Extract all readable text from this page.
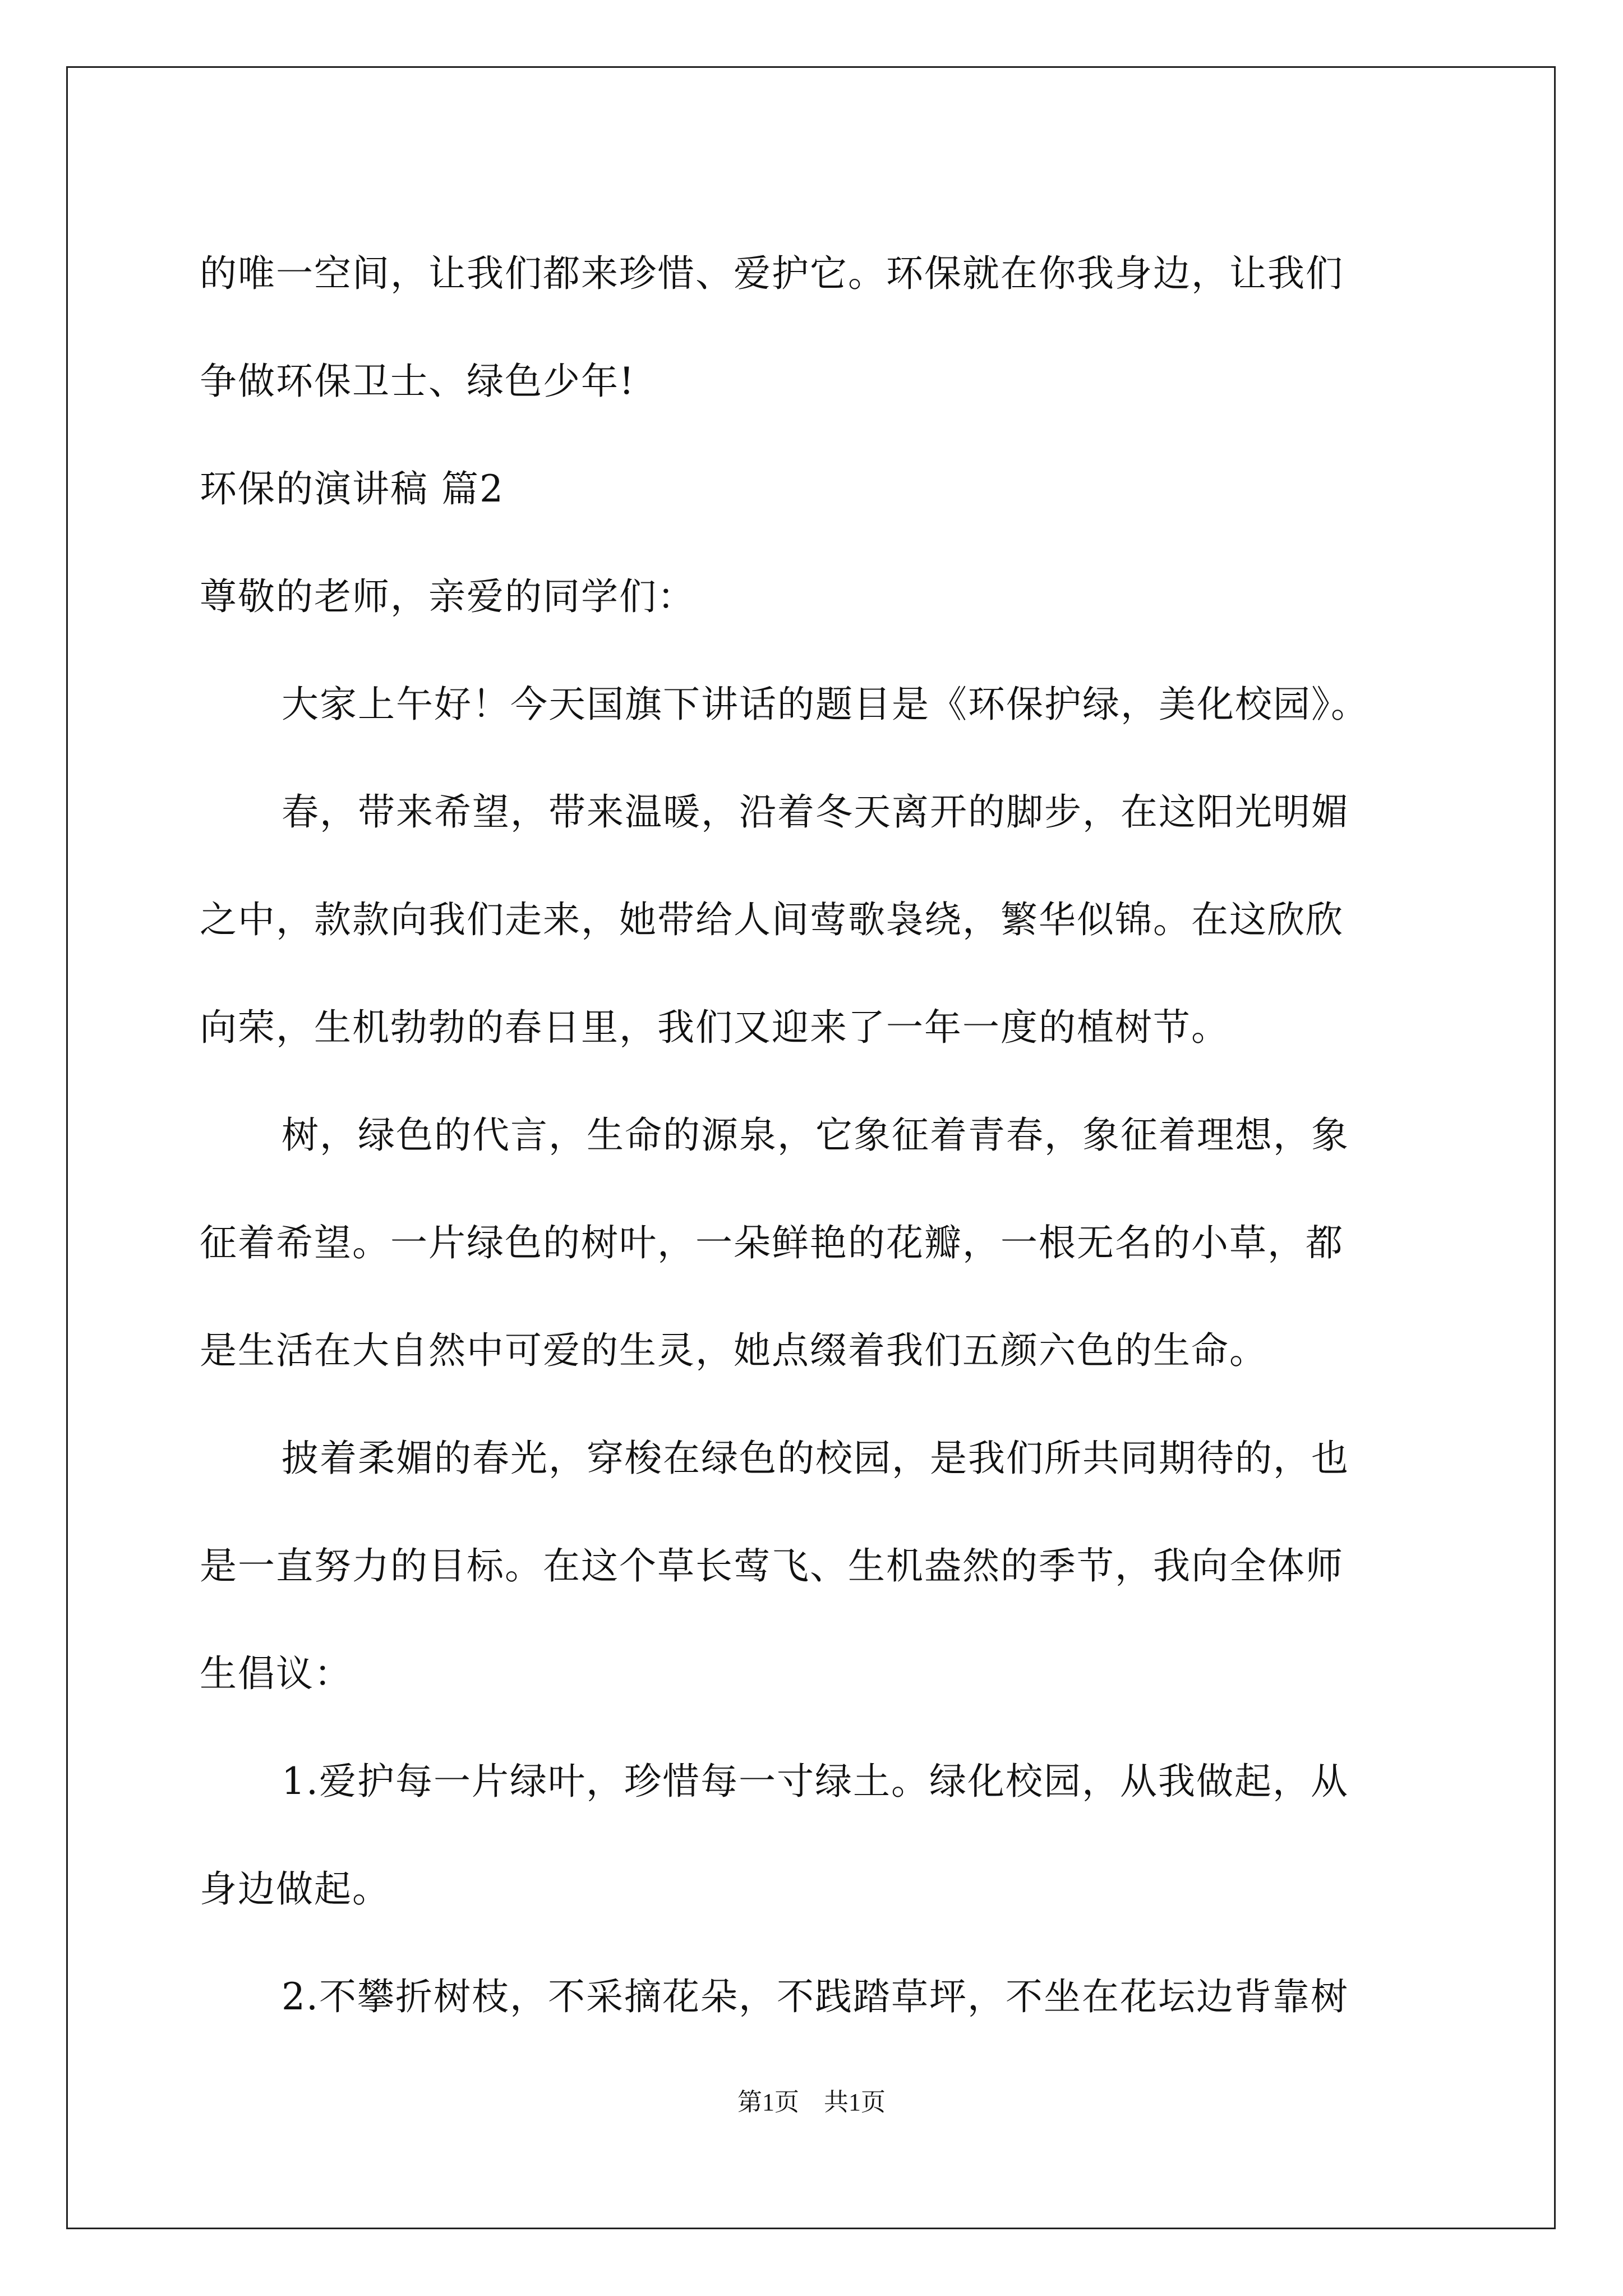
的唯一空间，让我们都来珍惜、爱护它。环保就在你我身边，让我们
争做环保卫士、绿色少年!
环保的演讲稿 篇2
尊敬的老师，亲爱的同学们：
大家上午好！今天国旗下讲话的题目是《环保护绿，美化校园》。
春，带来希望，带来温暖，沿着冬天离开的脚步，在这阳光明媚
之中，款款向我们走来，她带给人间莺歌袅绕，繁华似锦。在这欣欣
向荣，生机勃勃的春日里，我们又迎来了一年一度的植树节。
树，绿色的代言，生命的源泉，它象征着青春，象征着理想，象
征着希望。一片绿色的树叶，一朵鲜艳的花瓣，一根无名的小草，都
是生活在大自然中可爱的生灵，她点缀着我们五颜六色的生命。
披着柔媚的春光，穿梭在绿色的校园，是我们所共同期待的，也
是一直努力的目标。在这个草长莺飞、生机盎然的季节，我向全体师
生倡议：
1.爱护每一片绿叶，珍惜每一寸绿土。绿化校园，从我做起，从
身边做起。
2.不攀折树枝，不采摘花朵，不践踏草坪，不坐在花坛边背靠树
第1页　共1页
